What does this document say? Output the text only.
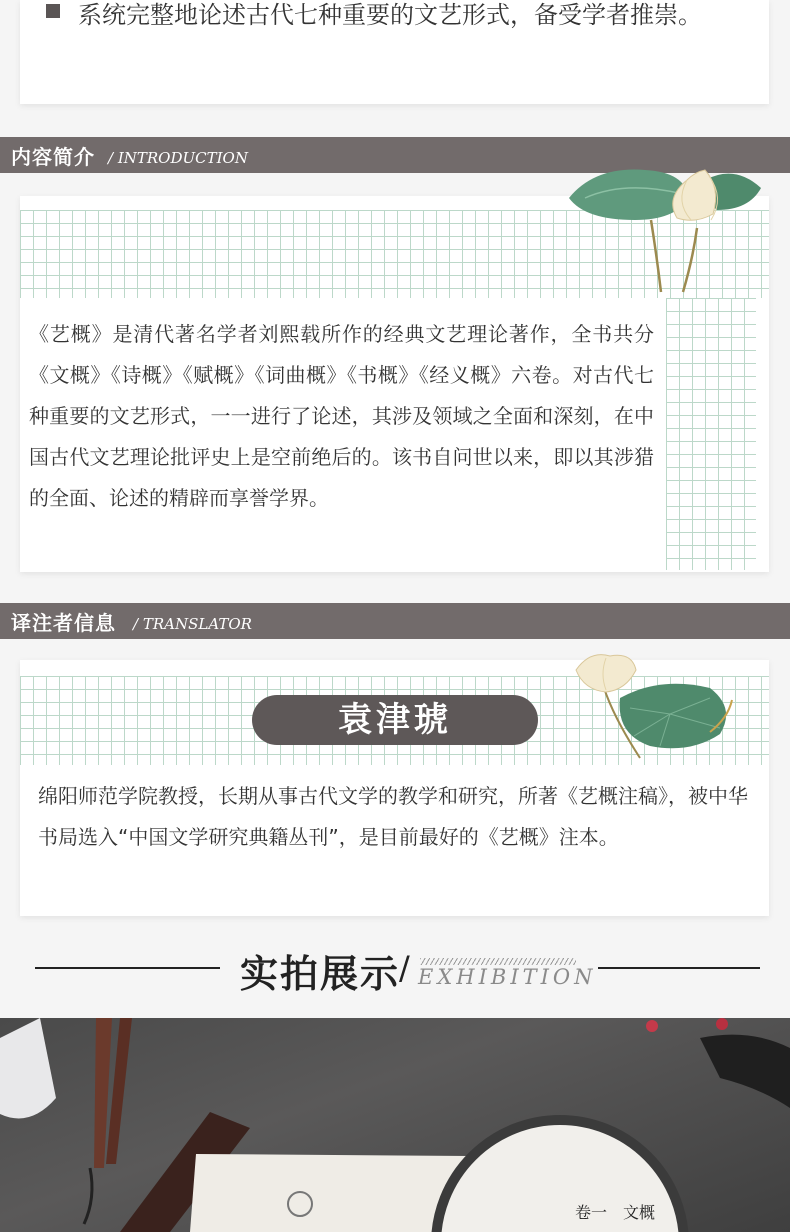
系统完整地论述古代七种重要的文艺形式，备受学者推崇。
内容简介 / INTRODUCTION
《艺概》是清代著名学者刘熙载所作的经典文艺理论著作，全书共分《文概》《诗概》《赋概》《词曲概》《书概》《经义概》六卷。对古代七种重要的文艺形式，一一进行了论述，其涉及领域之全面和深刻，在中国古代文艺理论批评史上是空前绝后的。该书自问世以来，即以其涉猎的全面、论述的精辟而享誉学界。
译注者信息 / TRANSLATOR
袁津琥
绵阳师范学院教授，长期从事古代文学的教学和研究，所著《艺概注稿》，被中华书局选入“中国文学研究典籍丛刊”，是目前最好的《艺概》注本。
实拍展示
/ EXHIBITION
卷一　文概
